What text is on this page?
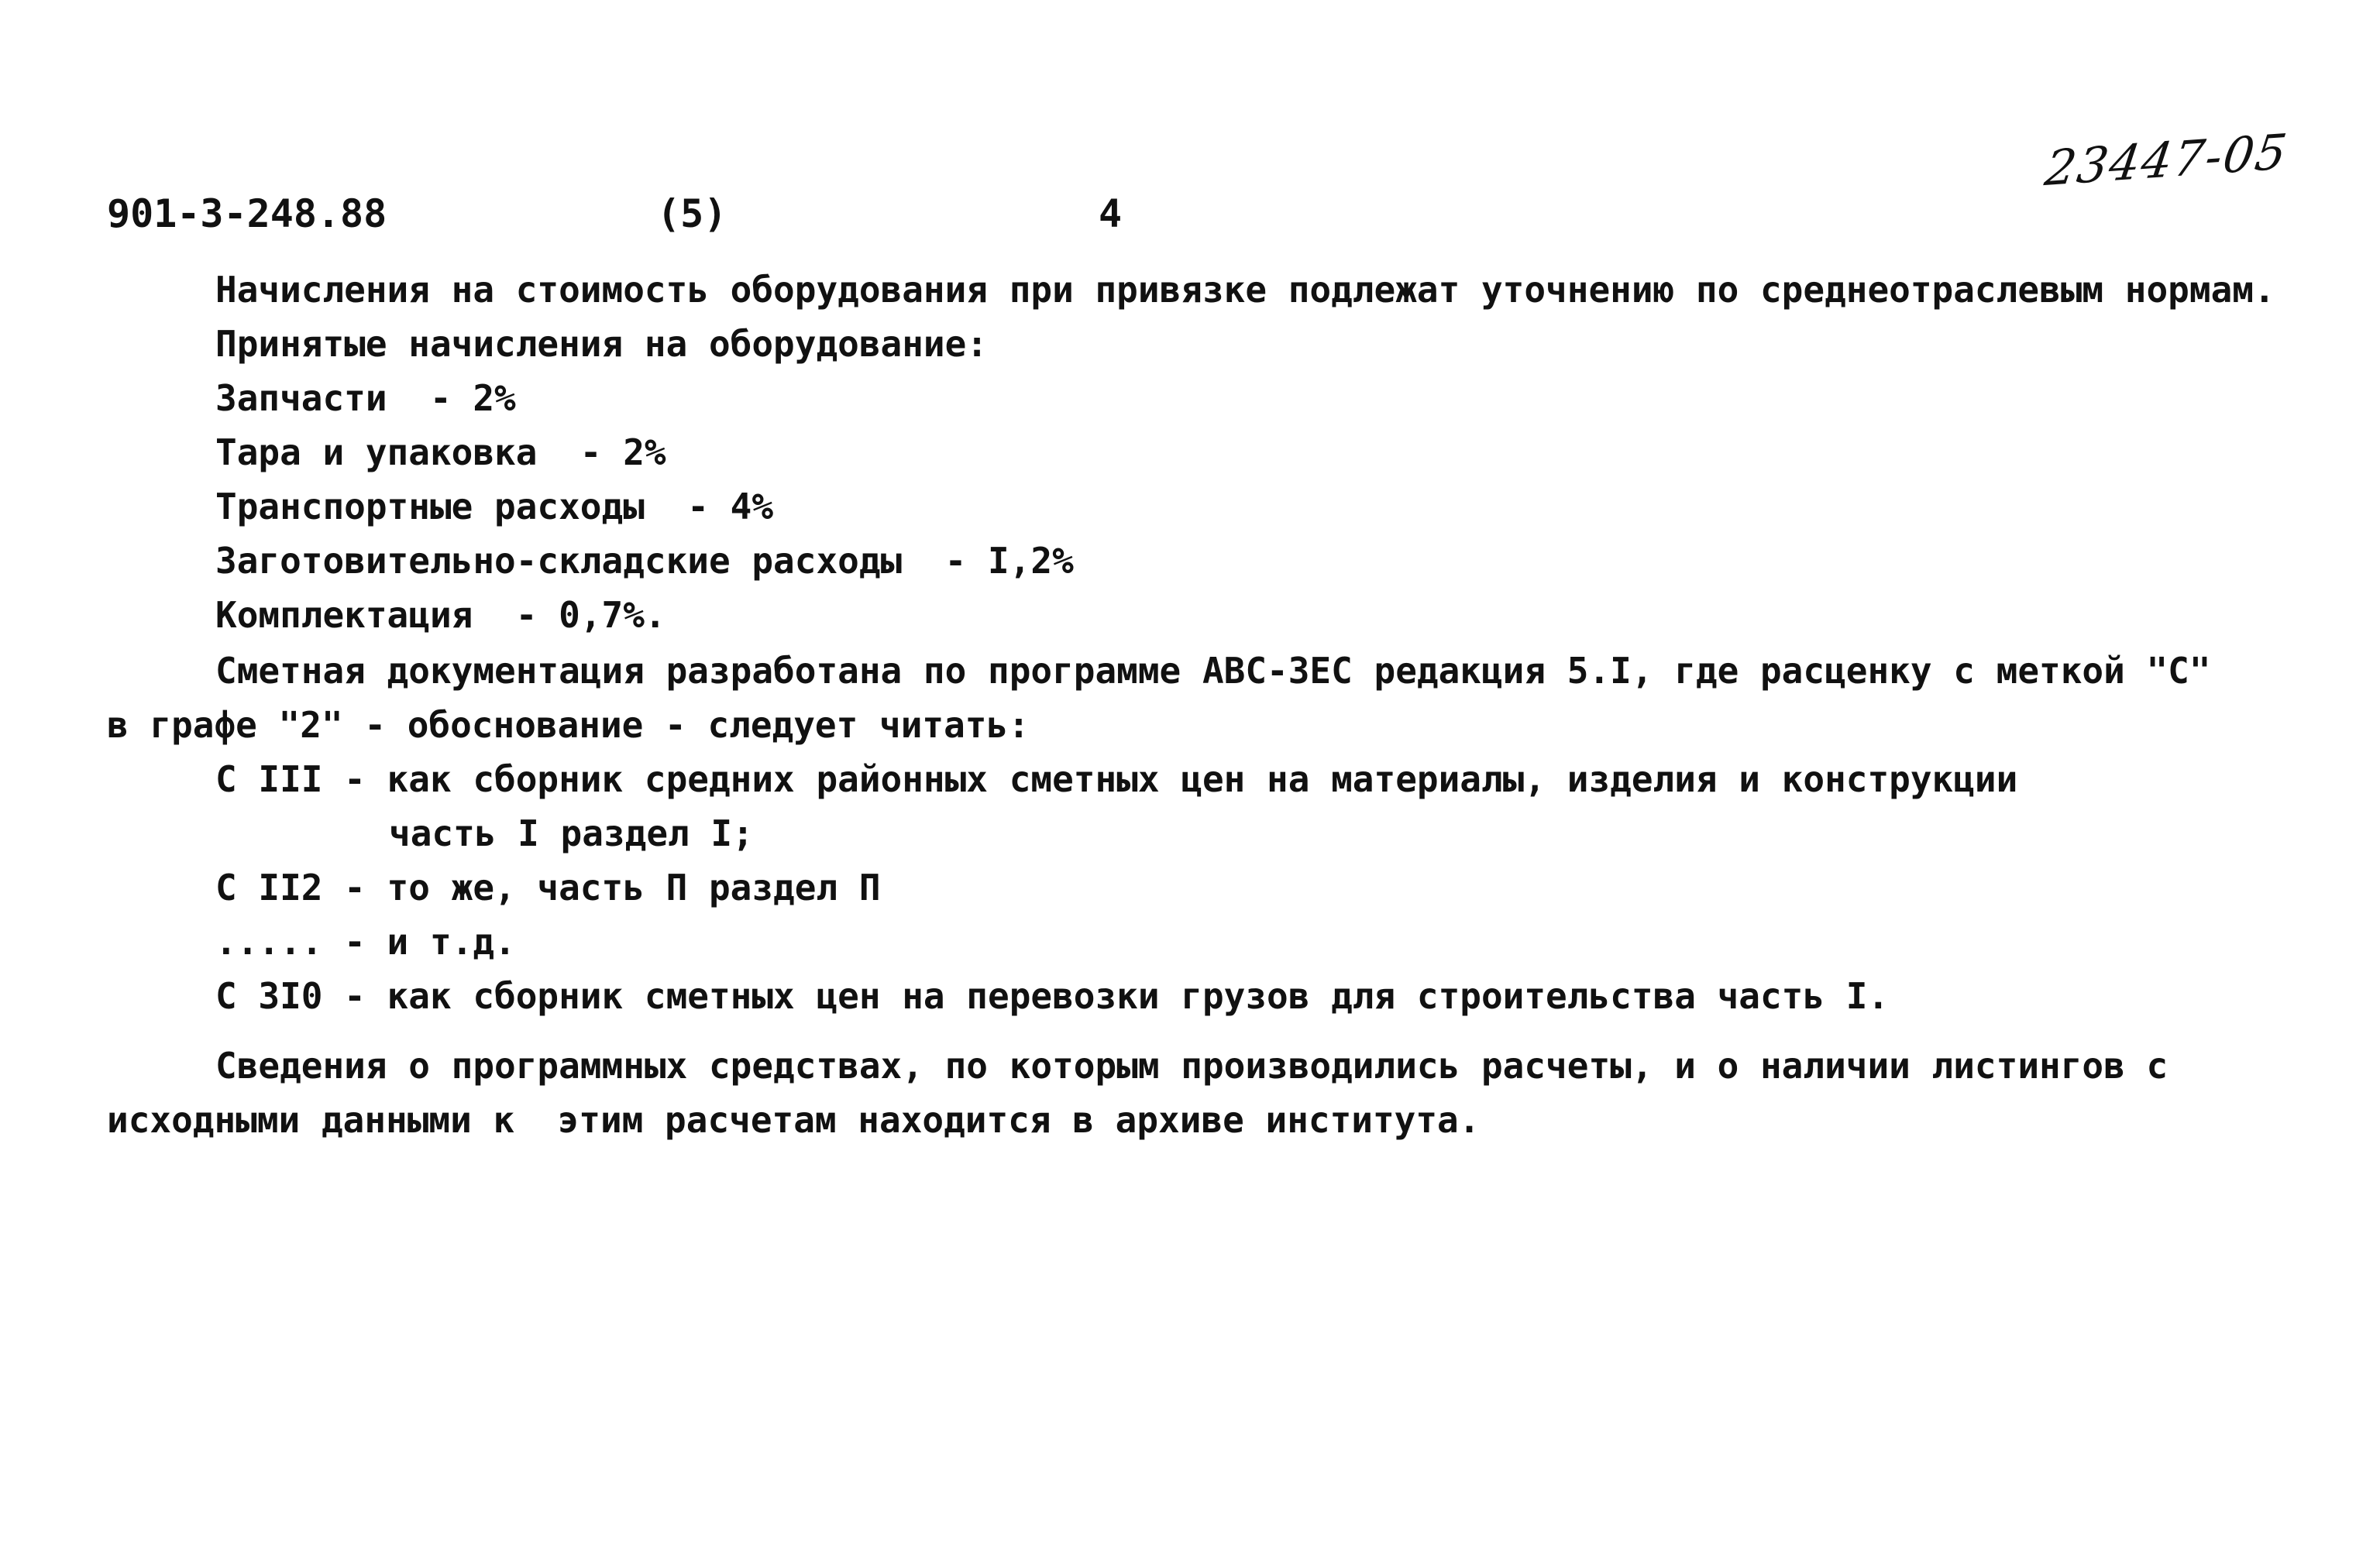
23447-05
901-3-248.88	(5)	4
Начисления на стоимость оборудования при привязке подлежат уточнению по среднеотраслевым нормам.
Принятые начисления на оборудование:
Запчасти  - 2%
Тара и упаковка  - 2%
Транспортные расходы  - 4%
Заготовительно-складские расходы  - I,2%
Комплектация  - 0,7%.
Сметная документация разработана по программе АВС-ЗЕС редакция 5.I, где расценку с меткой "С"
в графе "2" - обоснование - следует читать:
С III - как сборник средних районных сметных цен на материалы, изделия и конструкции
часть I раздел I;
С II2 - то же, часть П раздел П
..... - и т.д.
С 3I0 - как сборник сметных цен на перевозки грузов для строительства часть I.
Сведения о программных средствах, по которым производились расчеты, и о наличии листингов с
исходными данными к  этим расчетам находится в архиве института.
